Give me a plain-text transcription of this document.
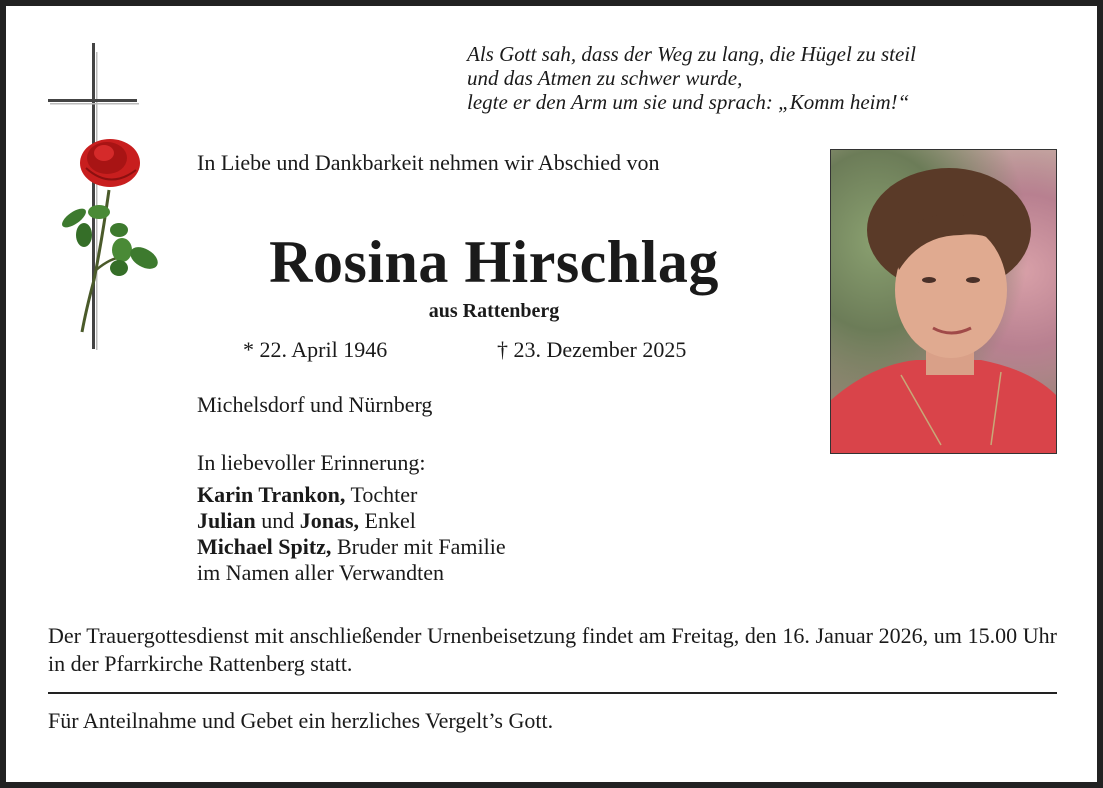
Als Gott sah, dass der Weg zu lang, die Hügel zu steil
und das Atmen zu schwer wurde,
legte er den Arm um sie und sprach: „Komm heim!“
In Liebe und Dankbarkeit nehmen wir Abschied von
Rosina Hirschlag
aus Rattenberg
* 22. April 1946	† 23. Dezember 2025
Michelsdorf und Nürnberg
In liebevoller Erinnerung:
Karin Trankon, Tochter
Julian und Jonas, Enkel
Michael Spitz, Bruder mit Familie
im Namen aller Verwandten
Der Trauergottesdienst mit anschließender Urnenbeisetzung findet am Freitag, den 16. Januar 2026, um 15.00 Uhr in der Pfarrkirche Rattenberg statt.
Für Anteilnahme und Gebet ein herzliches Vergelt’s Gott.
